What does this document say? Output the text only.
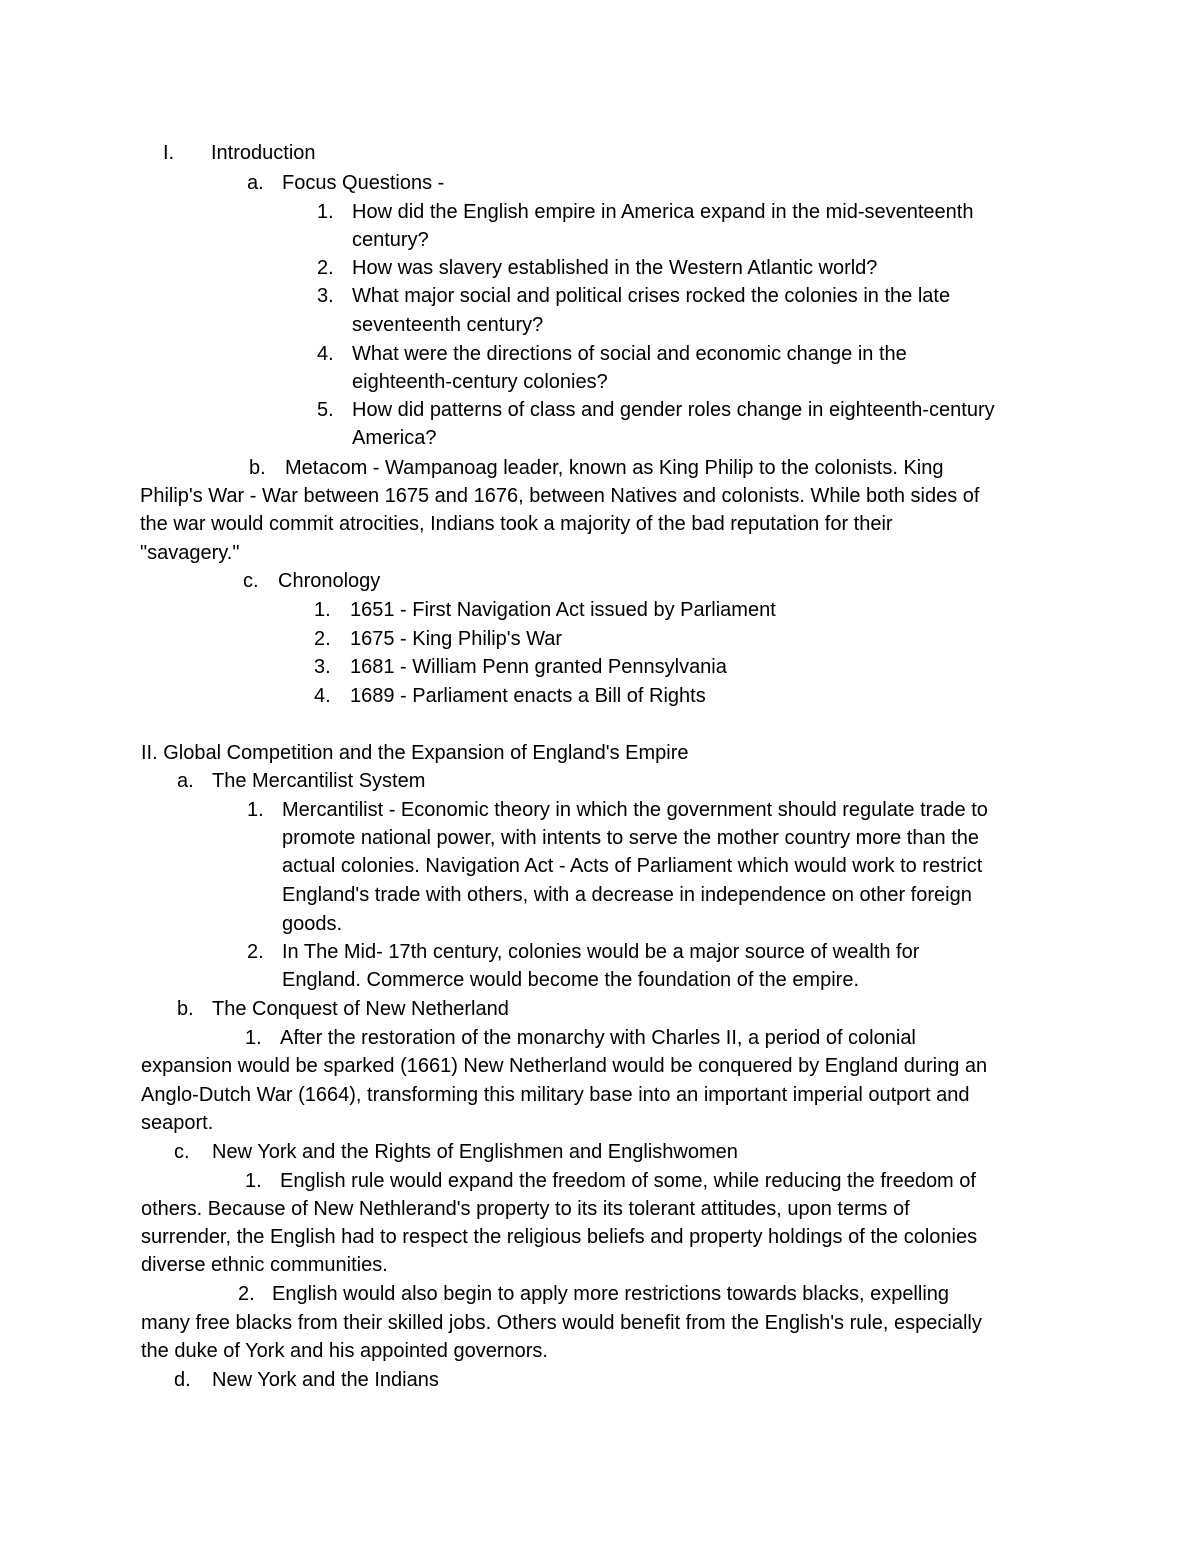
I. Introduction
a. Focus Questions -
1. How did the English empire in America expand in the mid-seventeenth
century?
2. How was slavery established in the Western Atlantic world?
3. What major social and political crises rocked the colonies in the late
seventeenth century?
4. What were the directions of social and economic change in the
eighteenth-century colonies?
5. How did patterns of class and gender roles change in eighteenth-century
America?
b. Metacom - Wampanoag leader, known as King Philip to the colonists. King
Philip's War - War between 1675 and 1676, between Natives and colonists. While both sides of
the war would commit atrocities, Indians took a majority of the bad reputation for their
"savagery."
c. Chronology
1. 1651 - First Navigation Act issued by Parliament
2. 1675 - King Philip's War
3. 1681 - William Penn granted Pennsylvania
4. 1689 - Parliament enacts a Bill of Rights
II. Global Competition and the Expansion of England's Empire
a. The Mercantilist System
1. Mercantilist - Economic theory in which the government should regulate trade to
promote national power, with intents to serve the mother country more than the
actual colonies. Navigation Act - Acts of Parliament which would work to restrict
England's trade with others, with a decrease in independence on other foreign
goods.
2. In The Mid- 17th century, colonies would be a major source of wealth for
England. Commerce would become the foundation of the empire.
b. The Conquest of New Netherland
1. After the restoration of the monarchy with Charles II, a period of colonial
expansion would be sparked (1661) New Netherland would be conquered by England during an
Anglo-Dutch War (1664), transforming this military base into an important imperial outport and
seaport.
c. New York and the Rights of Englishmen and Englishwomen
1. English rule would expand the freedom of some, while reducing the freedom of
others. Because of New Nethlerand's property to its its tolerant attitudes, upon terms of
surrender, the English had to respect the religious beliefs and property holdings of the colonies
diverse ethnic communities.
2. English would also begin to apply more restrictions towards blacks, expelling
many free blacks from their skilled jobs. Others would benefit from the English's rule, especially
the duke of York and his appointed governors.
d. New York and the Indians
